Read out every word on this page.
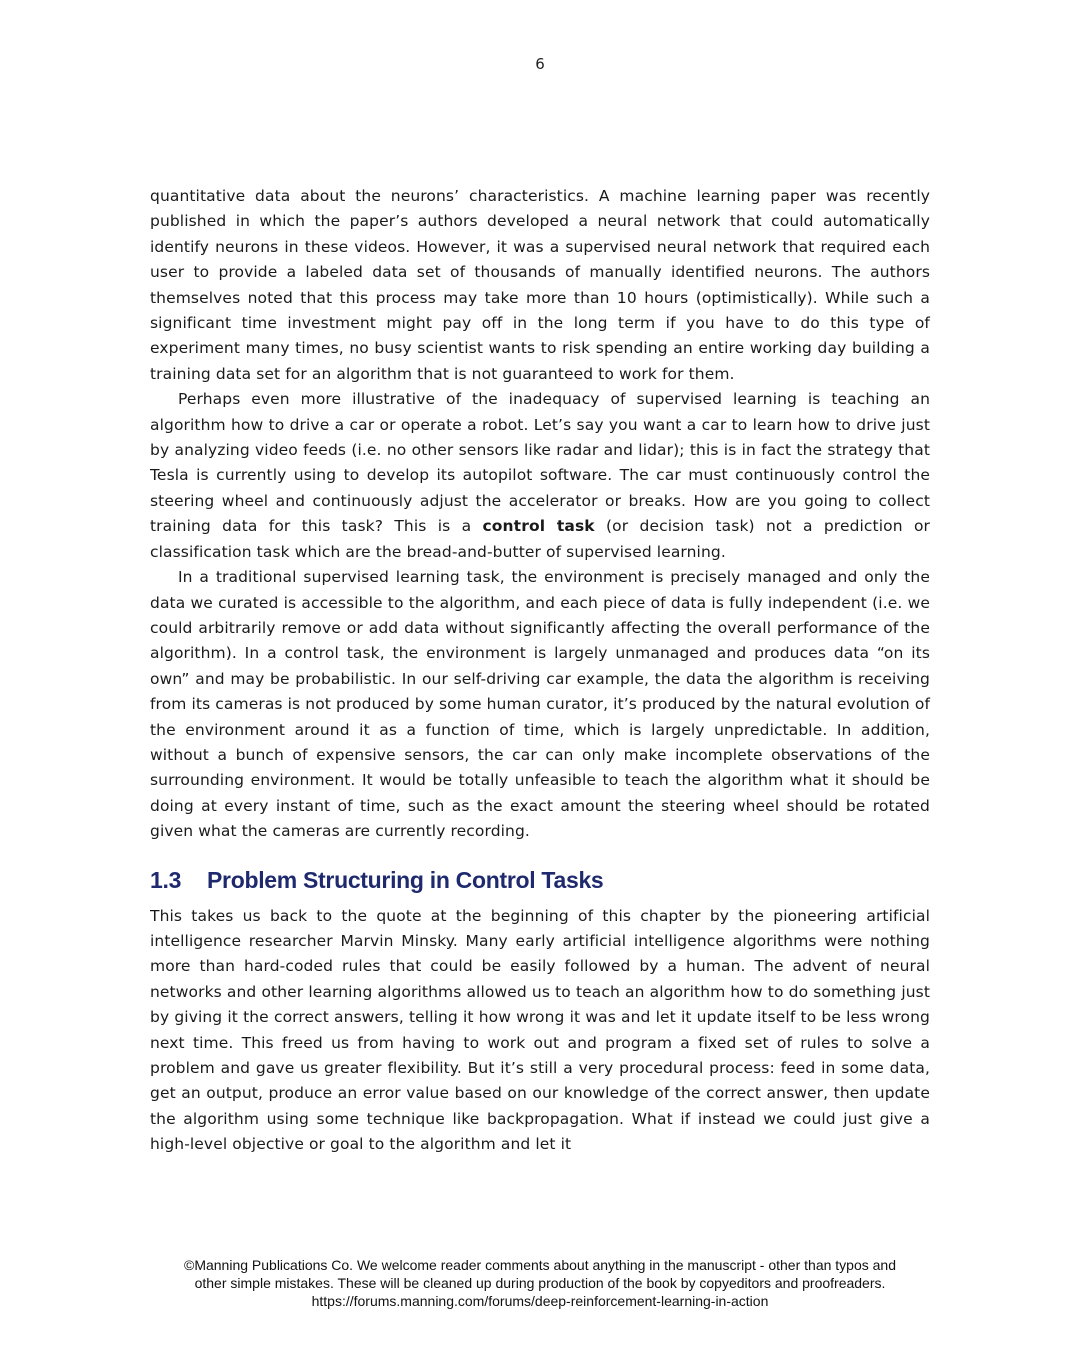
6

quantitative data about the neurons’ characteristics. A machine learning paper was recently published in which the paper’s authors developed a neural network that could automatically identify neurons in these videos. However, it was a supervised neural network that required each user to provide a labeled data set of thousands of manually identified neurons. The authors themselves noted that this process may take more than 10 hours (optimistically). While such a significant time investment might pay off in the long term if you have to do this type of experiment many times, no busy scientist wants to risk spending an entire working day building a training data set for an algorithm that is not guaranteed to work for them.

Perhaps even more illustrative of the inadequacy of supervised learning is teaching an algorithm how to drive a car or operate a robot. Let’s say you want a car to learn how to drive just by analyzing video feeds (i.e. no other sensors like radar and lidar); this is in fact the strategy that Tesla is currently using to develop its autopilot software. The car must continuously control the steering wheel and continuously adjust the accelerator or breaks. How are you going to collect training data for this task? This is a control task (or decision task) not a prediction or classification task which are the bread-and-butter of supervised learning.

In a traditional supervised learning task, the environment is precisely managed and only the data we curated is accessible to the algorithm, and each piece of data is fully independent (i.e. we could arbitrarily remove or add data without significantly affecting the overall performance of the algorithm). In a control task, the environment is largely unmanaged and produces data “on its own” and may be probabilistic. In our self-driving car example, the data the algorithm is receiving from its cameras is not produced by some human curator, it’s produced by the natural evolution of the environment around it as a function of time, which is largely unpredictable. In addition, without a bunch of expensive sensors, the car can only make incomplete observations of the surrounding environment. It would be totally unfeasible to teach the algorithm what it should be doing at every instant of time, such as the exact amount the steering wheel should be rotated given what the cameras are currently recording.

1.3	Problem Structuring in Control Tasks

This takes us back to the quote at the beginning of this chapter by the pioneering artificial intelligence researcher Marvin Minsky. Many early artificial intelligence algorithms were nothing more than hard-coded rules that could be easily followed by a human. The advent of neural networks and other learning algorithms allowed us to teach an algorithm how to do something just by giving it the correct answers, telling it how wrong it was and let it update itself to be less wrong next time. This freed us from having to work out and program a fixed set of rules to solve a problem and gave us greater flexibility. But it’s still a very procedural process: feed in some data, get an output, produce an error value based on our knowledge of the correct answer, then update the algorithm using some technique like backpropagation. What if instead we could just give a high-level objective or goal to the algorithm and let it

©Manning Publications Co. We welcome reader comments about anything in the manuscript - other than typos and
other simple mistakes. These will be cleaned up during production of the book by copyeditors and proofreaders.
https://forums.manning.com/forums/deep-reinforcement-learning-in-action
